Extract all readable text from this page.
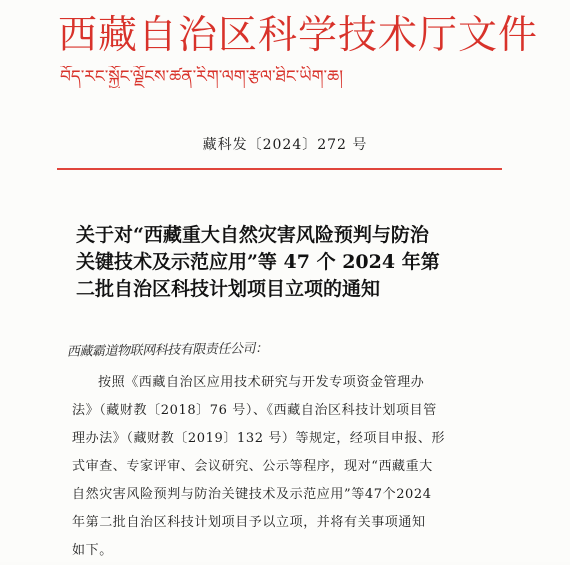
西藏自治区科学技术厅文件
བོད་རང་སྐྱོང་ལྗོངས་ཚན་རིག་ལག་རྩལ་ཐིང་ཡིག་ཆ།
藏科发〔2024〕272 号
关于对“西藏重大自然灾害风险预判与防治
关键技术及示范应用”等 47 个 2024 年第
二批自治区科技计划项目立项的通知
西藏霸道物联网科技有限责任公司：
按照《西藏自治区应用技术研究与开发专项资金管理办
法》（藏财教〔2018〕76 号）、《西藏自治区科技计划项目管
理办法》（藏财教〔2019〕132 号）等规定，经项目申报、形
式审查、专家评审、会议研究、公示等程序，现对“西藏重大
自然灾害风险预判与防治关键技术及示范应用”等47个2024
年第二批自治区科技计划项目予以立项，并将有关事项通知
如下。
